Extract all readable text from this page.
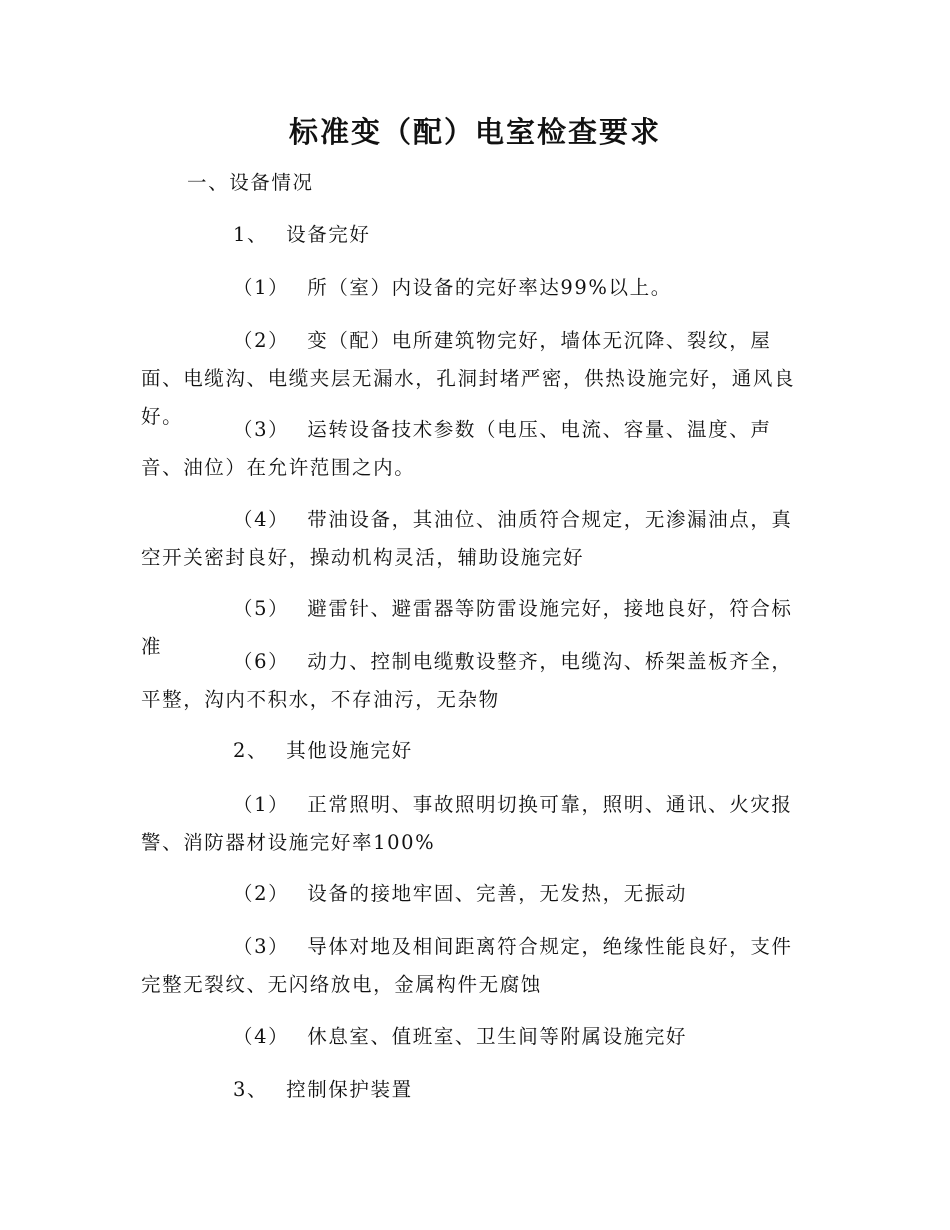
标准变（配）电室检查要求
一、设备情况
1、 设备完好
（1） 所（室）内设备的完好率达99%以上。
（2） 变（配）电所建筑物完好，墙体无沉降、裂纹，屋面、电缆沟、电缆夹层无漏水，孔洞封堵严密，供热设施完好，通风良好。
（3） 运转设备技术参数（电压、电流、容量、温度、声音、油位）在允许范围之内。
（4） 带油设备，其油位、油质符合规定，无渗漏油点，真空开关密封良好，操动机构灵活，辅助设施完好
（5） 避雷针、避雷器等防雷设施完好，接地良好，符合标准
（6） 动力、控制电缆敷设整齐，电缆沟、桥架盖板齐全，平整，沟内不积水，不存油污，无杂物
2、 其他设施完好
（1） 正常照明、事故照明切换可靠，照明、通讯、火灾报警、消防器材设施完好率100%
（2） 设备的接地牢固、完善，无发热，无振动
（3） 导体对地及相间距离符合规定，绝缘性能良好，支件完整无裂纹、无闪络放电，金属构件无腐蚀
（4） 休息室、值班室、卫生间等附属设施完好
3、 控制保护装置
